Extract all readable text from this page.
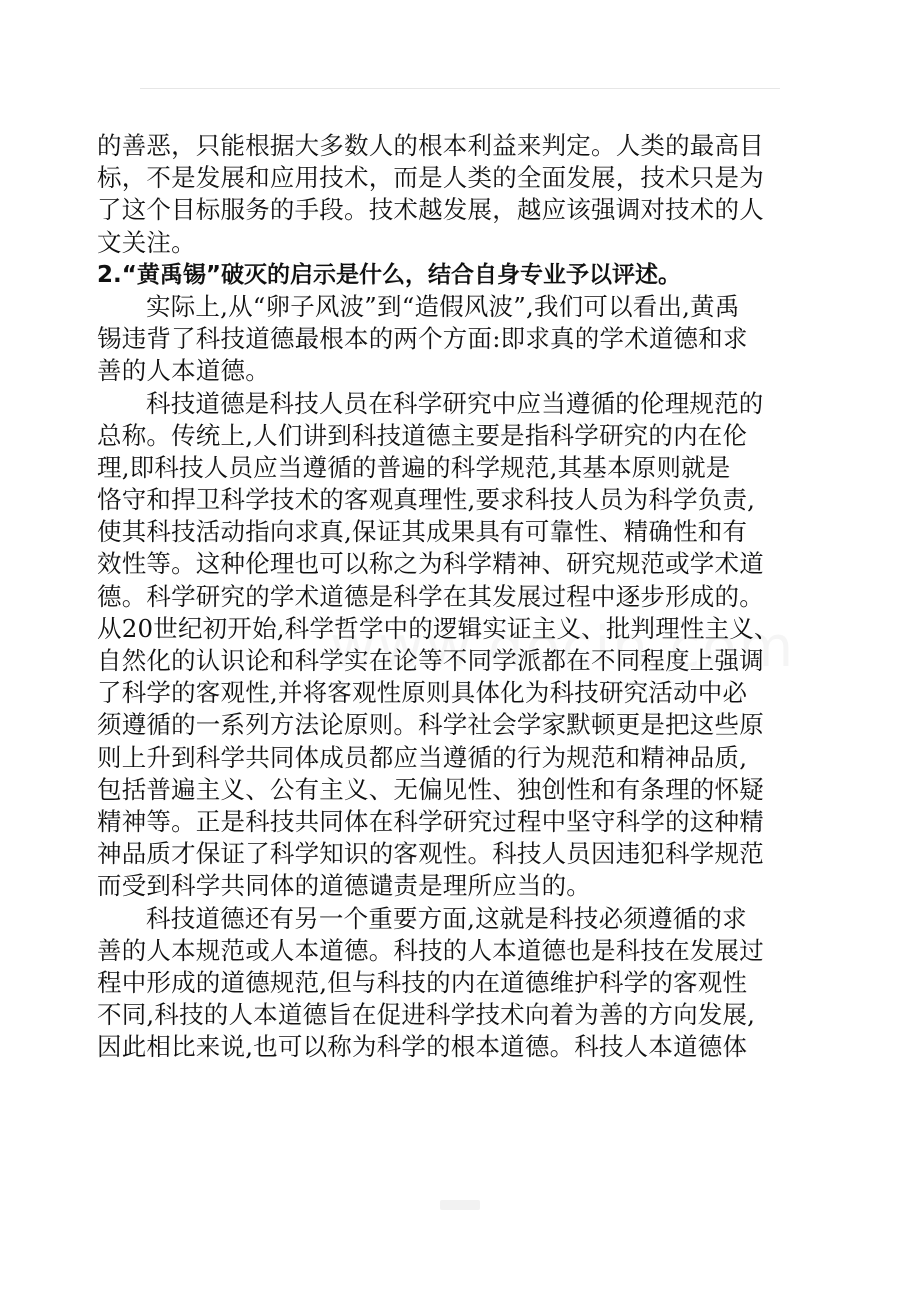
的善恶，只能根据大多数人的根本利益来判定。人类的最高目
标，不是发展和应用技术，而是人类的全面发展，技术只是为
了这个目标服务的手段。技术越发展，越应该强调对技术的人
文关注。
2.“黄禹锡”破灭的启示是什么，结合自身专业予以评述。
实际上,从“卵子风波”到“造假风波”,我们可以看出,黄禹
锡违背了科技道德最根本的两个方面:即求真的学术道德和求
善的人本道德。
科技道德是科技人员在科学研究中应当遵循的伦理规范的
总称。传统上,人们讲到科技道德主要是指科学研究的内在伦
理,即科技人员应当遵循的普遍的科学规范,其基本原则就是
恪守和捍卫科学技术的客观真理性,要求科技人员为科学负责,
使其科技活动指向求真,保证其成果具有可靠性、精确性和有
效性等。这种伦理也可以称之为科学精神、研究规范或学术道
德。科学研究的学术道德是科学在其发展过程中逐步形成的。
从20世纪初开始,科学哲学中的逻辑实证主义、批判理性主义、
自然化的认识论和科学实在论等不同学派都在不同程度上强调
了科学的客观性,并将客观性原则具体化为科技研究活动中必
须遵循的一系列方法论原则。科学社会学家默顿更是把这些原
则上升到科学共同体成员都应当遵循的行为规范和精神品质,
包括普遍主义、公有主义、无偏见性、独创性和有条理的怀疑
精神等。正是科技共同体在科学研究过程中坚守科学的这种精
神品质才保证了科学知识的客观性。科技人员因违犯科学规范
而受到科学共同体的道德谴责是理所应当的。
科技道德还有另一个重要方面,这就是科技必须遵循的求
善的人本规范或人本道德。科技的人本道德也是科技在发展过
程中形成的道德规范,但与科技的内在道德维护科学的客观性
不同,科技的人本道德旨在促进科学技术向着为善的方向发展,
因此相比来说,也可以称为科学的根本道德。科技人本道德体
